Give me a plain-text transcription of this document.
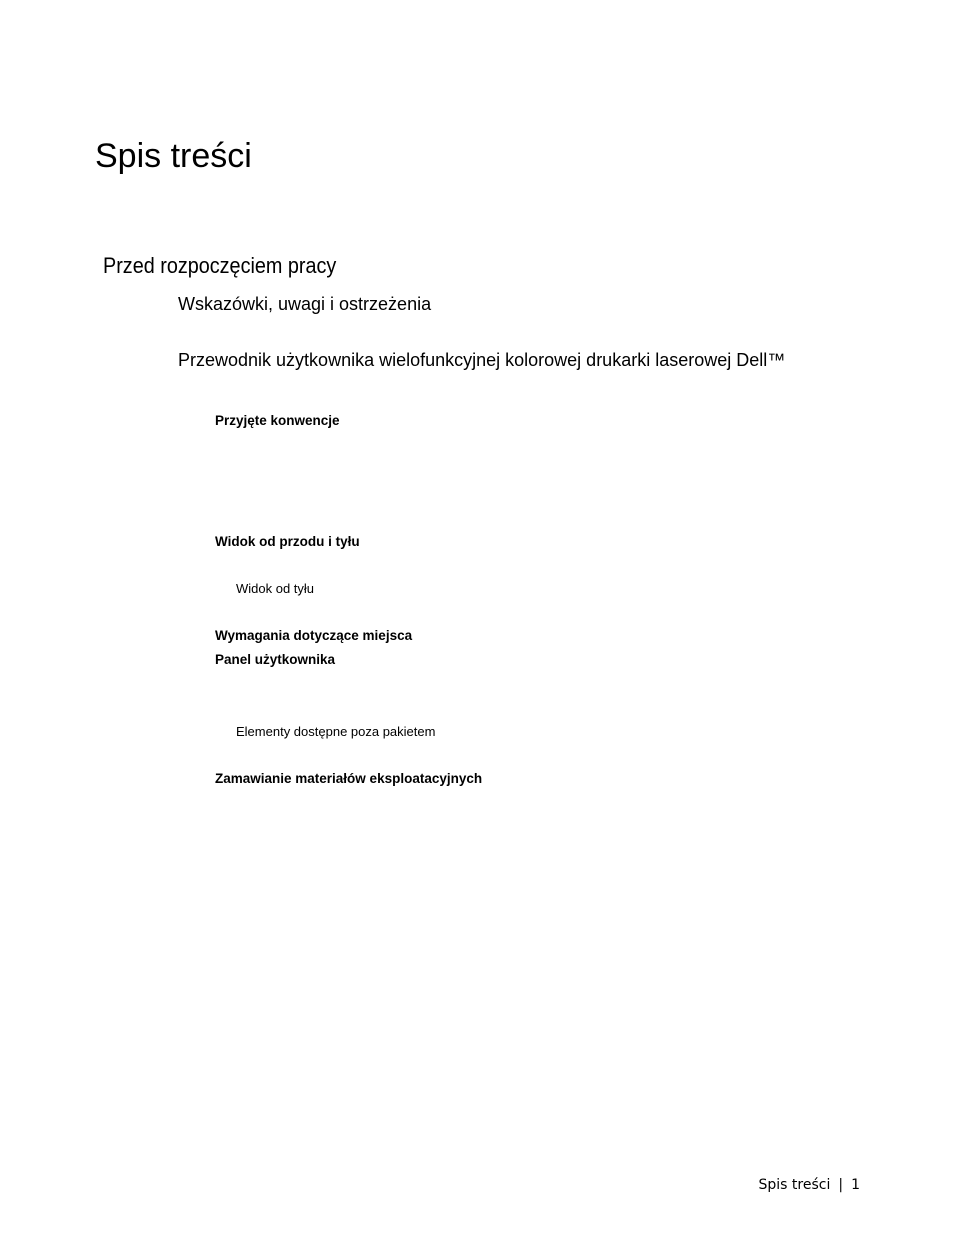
Spis treści
Przed rozpoczęciem pracy
Wskazówki, uwagi i ostrzeżenia
Przewodnik użytkownika wielofunkcyjnej kolorowej drukarki laserowej Dell™
Przyjęte konwencje
Widok od przodu i tyłu
Widok od tyłu
Wymagania dotyczące miejsca
Panel użytkownika
Elementy dostępne poza pakietem
Zamawianie materiałów eksploatacyjnych
Spis treści | 1
